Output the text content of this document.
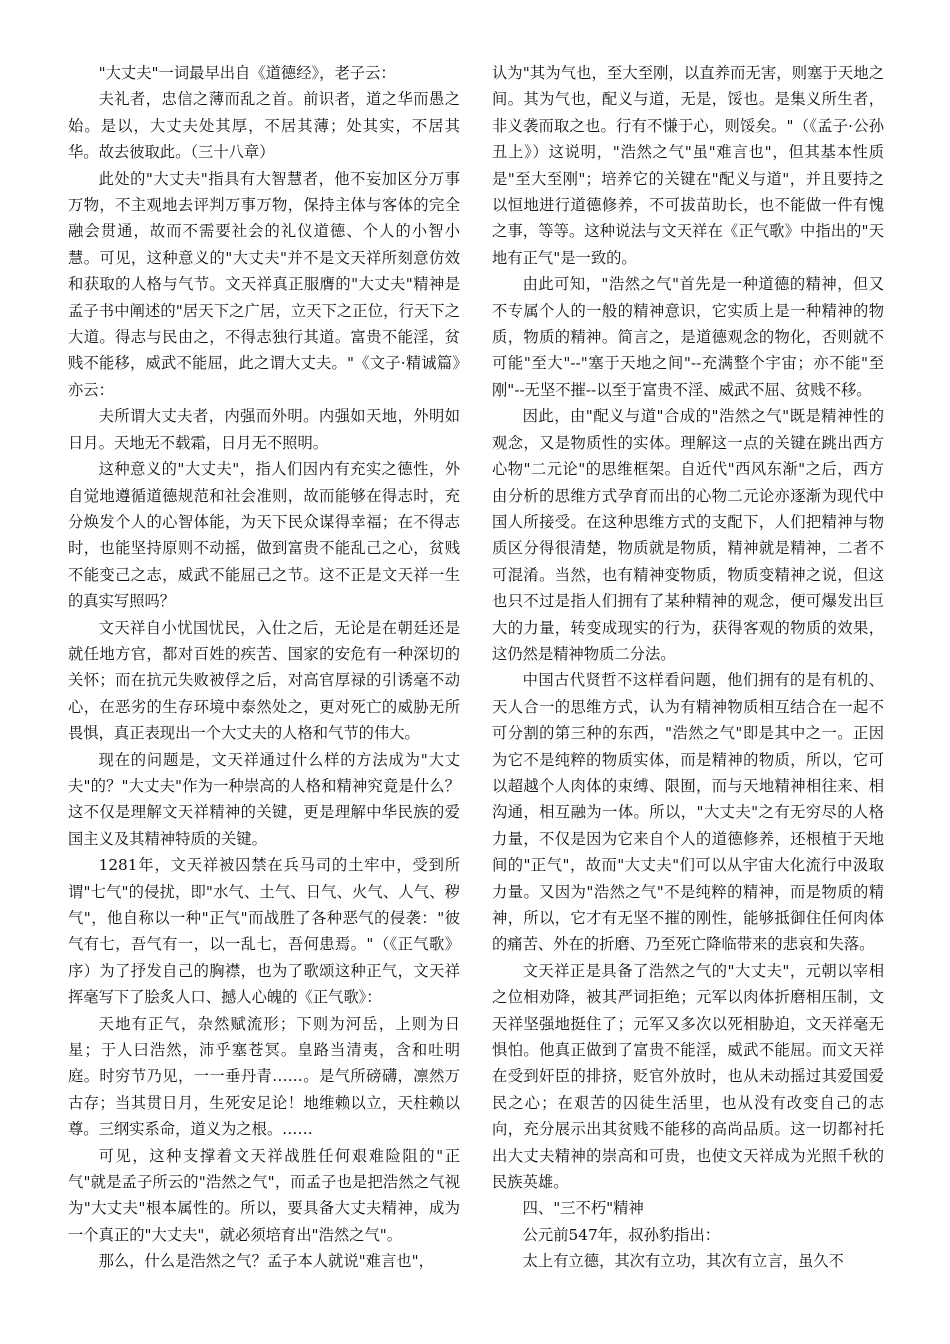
"大丈夫"一词最早出自《道德经》，老子云：

夫礼者，忠信之薄而乱之首。前识者，道之华而愚之始。是以，大丈夫处其厚，不居其薄；处其实，不居其华。故去彼取此。（三十八章）

此处的"大丈夫"指具有大智慧者，他不妄加区分万事万物，不主观地去评判万事万物，保持主体与客体的完全融会贯通，故而不需要社会的礼仪道德、个人的小智小慧。可见，这种意义的"大丈夫"并不是文天祥所刻意仿效和获取的人格与气节。文天祥真正服膺的"大丈夫"精神是孟子书中阐述的"居天下之广居，立天下之正位，行天下之大道。得志与民由之，不得志独行其道。富贵不能淫，贫贱不能移，威武不能屈，此之谓大丈夫。"《文子·精诚篇》亦云：

夫所谓大丈夫者，内强而外明。内强如天地，外明如日月。天地无不载霜，日月无不照明。

这种意义的"大丈夫"，指人们因内有充实之德性，外自觉地遵循道德规范和社会准则，故而能够在得志时，充分焕发个人的心智体能，为天下民众谋得幸福；在不得志时，也能坚持原则不动摇，做到富贵不能乱己之心，贫贱不能变己之志，威武不能屈己之节。这不正是文天祥一生的真实写照吗？

文天祥自小忧国忧民，入仕之后，无论是在朝廷还是就任地方官，都对百姓的疾苦、国家的安危有一种深切的关怀；而在抗元失败被俘之后，对高官厚禄的引诱毫不动心，在恶劣的生存环境中泰然处之，更对死亡的威胁无所畏惧，真正表现出一个大丈夫的人格和气节的伟大。

现在的问题是，文天祥通过什么样的方法成为"大丈夫"的？"大丈夫"作为一种崇高的人格和精神究竟是什么？这不仅是理解文天祥精神的关键，更是理解中华民族的爱国主义及其精神特质的关键。

1281年，文天祥被囚禁在兵马司的土牢中，受到所谓"七气"的侵扰，即"水气、土气、日气、火气、人气、秽气"，他自称以一种"正气"而战胜了各种恶气的侵袭："彼气有七，吾气有一，以一乱七，吾何患焉。"（《正气歌》序）为了抒发自己的胸襟，也为了歌颂这种正气，文天祥挥毫写下了脍炙人口、撼人心魄的《正气歌》：

天地有正气，杂然赋流形；下则为河岳，上则为日星；于人曰浩然，沛乎塞苍冥。皇路当清夷，含和吐明庭。时穷节乃见，一一垂丹青……。是气所磅礴，凛然万古存；当其贯日月，生死安足论！地维赖以立，天柱赖以尊。三纲实系命，道义为之根。……

可见，这种支撑着文天祥战胜任何艰难险阻的"正气"就是孟子所云的"浩然之气"，而孟子也是把浩然之气视为"大丈夫"根本属性的。所以，要具备大丈夫精神，成为一个真正的"大丈夫"，就必须培育出"浩然之气"。

那么，什么是浩然之气？孟子本人就说"难言也"，

认为"其为气也，至大至刚，以直养而无害，则塞于天地之间。其为气也，配义与道，无是，馁也。是集义所生者，非义袭而取之也。行有不慊于心，则馁矣。"（《孟子·公孙丑上》）这说明，"浩然之气"虽"难言也"，但其基本性质是"至大至刚"；培养它的关键在"配义与道"，并且要持之以恒地进行道德修养，不可拔苗助长，也不能做一件有愧之事，等等。这种说法与文天祥在《正气歌》中指出的"天地有正气"是一致的。

由此可知，"浩然之气"首先是一种道德的精神，但又不专属个人的一般的精神意识，它实质上是一种精神的物质，物质的精神。简言之，是道德观念的物化，否则就不可能"至大"--"塞于天地之间"--充满整个宇宙；亦不能"至刚"--无坚不摧--以至于富贵不淫、威武不屈、贫贱不移。

因此，由"配义与道"合成的"浩然之气"既是精神性的观念，又是物质性的实体。理解这一点的关键在跳出西方心物"二元论"的思维框架。自近代"西风东渐"之后，西方由分析的思维方式孕育而出的心物二元论亦逐渐为现代中国人所接受。在这种思维方式的支配下，人们把精神与物质区分得很清楚，物质就是物质，精神就是精神，二者不可混淆。当然，也有精神变物质，物质变精神之说，但这也只不过是指人们拥有了某种精神的观念，便可爆发出巨大的力量，转变成现实的行为，获得客观的物质的效果，这仍然是精神物质二分法。

中国古代贤哲不这样看问题，他们拥有的是有机的、天人合一的思维方式，认为有精神物质相互结合在一起不可分割的第三种的东西，"浩然之气"即是其中之一。正因为它不是纯粹的物质实体，而是精神的物质，所以，它可以超越个人肉体的束缚、限囿，而与天地精神相往来、相沟通，相互融为一体。所以，"大丈夫"之有无穷尽的人格力量，不仅是因为它来自个人的道德修养，还根植于天地间的"正气"，故而"大丈夫"们可以从宇宙大化流行中汲取力量。又因为"浩然之气"不是纯粹的精神，而是物质的精神，所以，它才有无坚不摧的刚性，能够抵御住任何肉体的痛苦、外在的折磨、乃至死亡降临带来的悲哀和失落。

文天祥正是具备了浩然之气的"大丈夫"，元朝以宰相之位相劝降，被其严词拒绝；元军以肉体折磨相压制，文天祥坚强地挺住了；元军又多次以死相胁迫，文天祥毫无惧怕。他真正做到了富贵不能淫，威武不能屈。而文天祥在受到奸臣的排挤，贬官外放时，也从未动摇过其爱国爱民之心；在艰苦的囚徒生活里，也从没有改变自己的志向，充分展示出其贫贱不能移的高尚品质。这一切都衬托出大丈夫精神的崇高和可贵，也使文天祥成为光照千秋的民族英雄。

四、"三不朽"精神

公元前547年，叔孙豹指出：

太上有立德，其次有立功，其次有立言，虽久不
